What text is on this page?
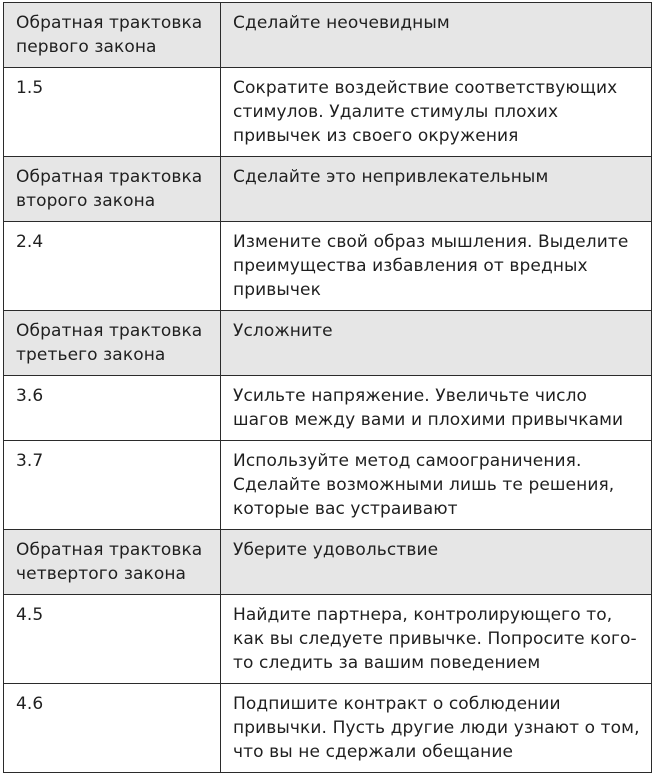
Обратная трактовка первого закона	Сделайте неочевидным
1.5	Сократите воздействие соответствующих стимулов. Удалите стимулы плохих привычек из своего окружения
Обратная трактовка второго закона	Сделайте это непривлекательным
2.4	Измените свой образ мышления. Выделите преимущества избавления от вредных привычек
Обратная трактовка третьего закона	Усложните
3.6	Усильте напряжение. Увеличьте число шагов между вами и плохими привычками
3.7	Используйте метод самоограничения. Сделайте возможными лишь те решения, которые вас устраивают
Обратная трактовка четвертого закона	Уберите удовольствие
4.5	Найдите партнера, контролирующего то, как вы следуете привычке. Попросите кого-то следить за вашим поведением
4.6	Подпишите контракт о соблюдении привычки. Пусть другие люди узнают о том, что вы не сдержали обещание
